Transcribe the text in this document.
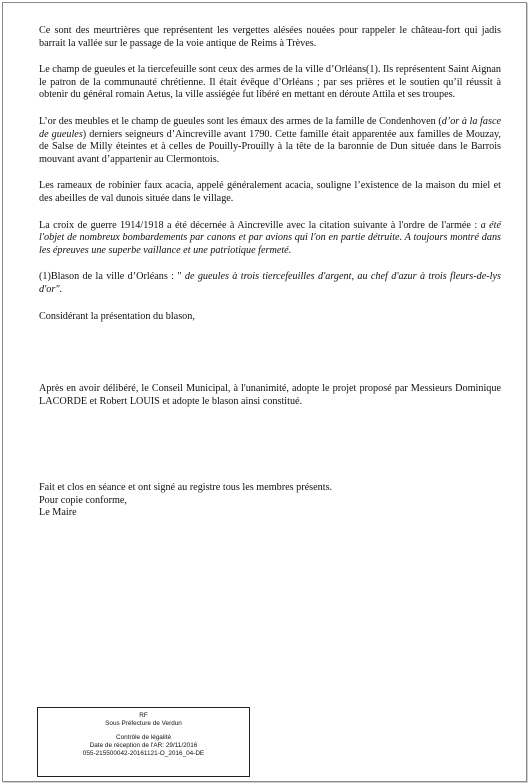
Ce sont des meurtrières que représentent les vergettes alésées nouées pour rappeler le château-fort qui jadis barrait la vallée sur le passage de la voie antique de Reims à Trèves.

Le champ de gueules et la tiercefeuille sont ceux des armes de la ville d’Orléans(1). Ils représentent Saint Aignan le patron de la communauté chrétienne. Il était évêque d’Orléans ; par ses prières et le soutien qu’il réussit à obtenir du général romain Aetus, la ville assiégée fut libéré en mettant en déroute Attila et ses troupes.

L’or des meubles et le champ de gueules sont les émaux des armes de la famille de Condenhoven (d’or à la fasce de gueules) derniers seigneurs d’Aincreville avant 1790. Cette famille était apparentée aux familles de Mouzay, de Salse de Milly éteintes et à celles de Pouilly-Prouilly à la tête de la baronnie de Dun située dans le Barrois mouvant avant d’appartenir au Clermontois.

Les rameaux de robinier faux acacia, appelé généralement acacia, souligne l’existence de la maison du miel et des abeilles de val dunois située dans le village.

La croix de guerre 1914/1918 a été décernée à Aincreville avec la citation suivante à l'ordre de l'armée : a été l'objet de nombreux bombardements par canons et par avions qui l'on en partie détruite. A toujours montré dans les épreuves une superbe vaillance et une patriotique fermeté.

(1)Blason de la ville d’Orléans : " de gueules à trois tiercefeuilles d'argent, au chef d'azur à trois fleurs-de-lys d'or".

Considérant la présentation du blason,

Après en avoir délibéré, le Conseil Municipal, à l'unanimité, adopte le projet proposé par Messieurs Dominique LACORDE et Robert LOUIS et adopte le blason ainsi constitué.

Fait et clos en séance et ont signé au registre tous les membres présents.

Pour copie conforme,

Le Maire

RF
Sous Préfecture de Verdun
Contrôle de légalité
Date de réception de l'AR: 29/11/2016
055-215500042-20161121-O_2016_04-DE
